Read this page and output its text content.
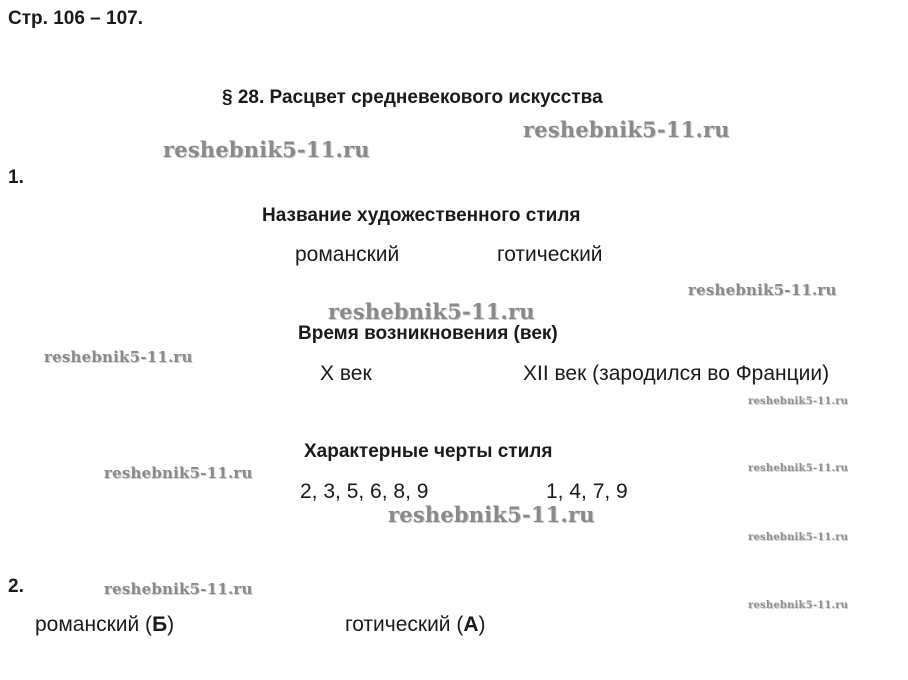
Стр. 106 – 107.
§ 28. Расцвет средневекового искусства
reshebnik5-11.ru
reshebnik5-11.ru
1.
Название художественного стиля
романский	готический
reshebnik5-11.ru
reshebnik5-11.ru
Время возникновения (век)
reshebnik5-11.ru
X век	XII век (зародился во Франции)
reshebnik5-11.ru
Характерные черты стиля
reshebnik5-11.ru	reshebnik5-11.ru
2, 3, 5, 6, 8, 9	1, 4, 7, 9
reshebnik5-11.ru
reshebnik5-11.ru
2.	reshebnik5-11.ru
reshebnik5-11.ru
романский (Б)	готический (А)
